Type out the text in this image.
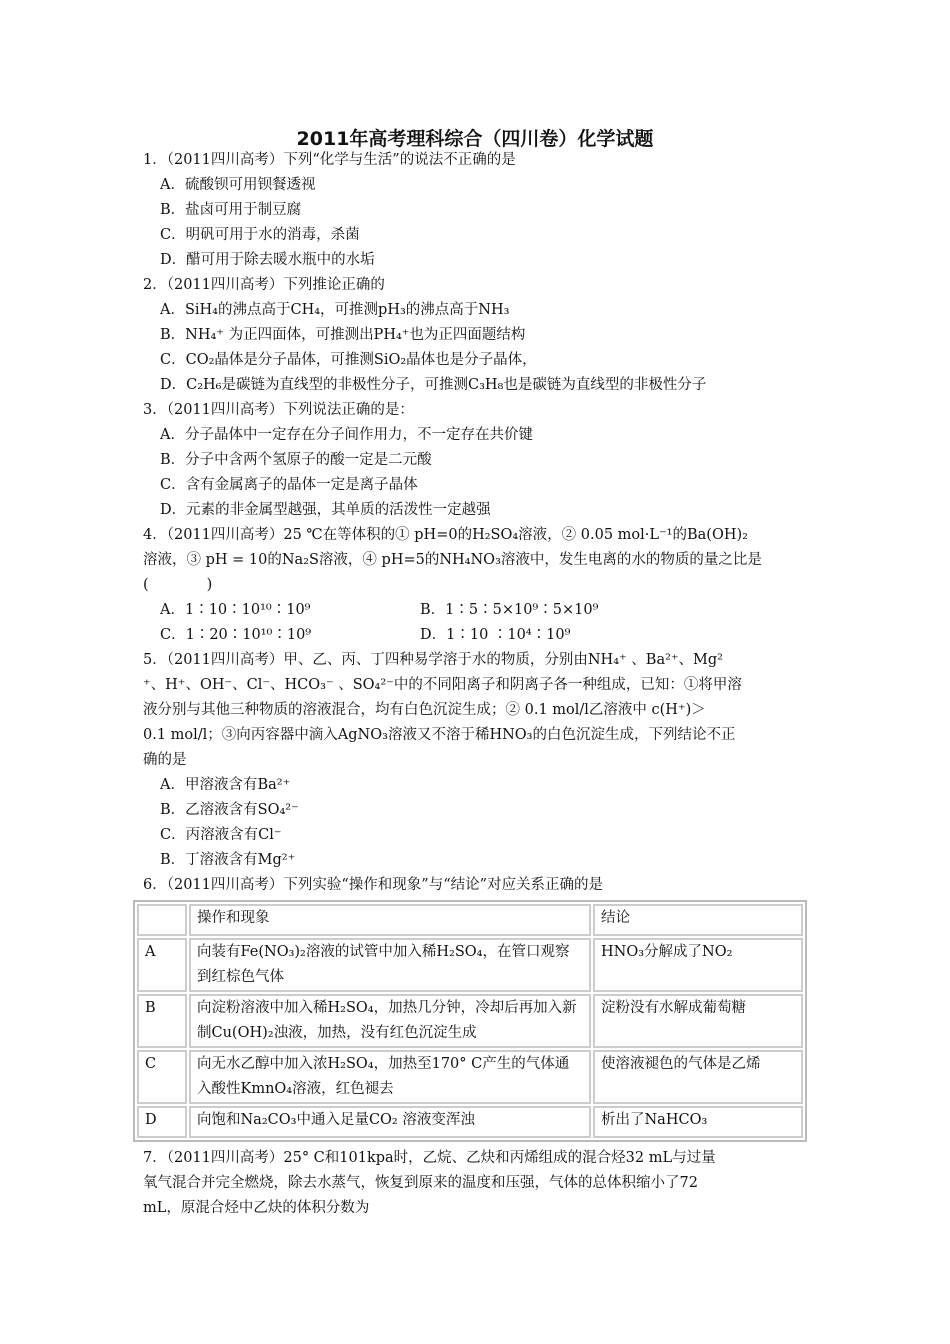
2011年高考理科综合（四川卷）化学试题
1．（2011四川高考）下列“化学与生活”的说法不正确的是
A．硫酸钡可用钡餐透视
B．盐卤可用于制豆腐
C．明矾可用于水的消毒，杀菌
D．醋可用于除去暖水瓶中的水垢
2．（2011四川高考）下列推论正确的
A．SiH₄的沸点高于CH₄，可推测pH₃的沸点高于NH₃
B．NH₄⁺ 为正四面体，可推测出PH₄⁺也为正四面题结构
C．CO₂晶体是分子晶体，可推测SiO₂晶体也是分子晶体，
D．C₂H₆是碳链为直线型的非极性分子，可推测C₃H₈也是碳链为直线型的非极性分子
3．（2011四川高考）下列说法正确的是：
A．分子晶体中一定存在分子间作用力，不一定存在共价键
B．分子中含两个氢原子的酸一定是二元酸
C．含有金属离子的晶体一定是离子晶体
D．元素的非金属型越强，其单质的活泼性一定越强
4．（2011四川高考）25 ℃在等体积的① pH=0的H₂SO₄溶液，② 0.05 mol·L⁻¹的Ba(OH)₂
溶液，③ pH = 10的Na₂S溶液，④ pH=5的NH₄NO₃溶液中，发生电离的水的物质的量之比是
(　　　　)
A．1∶10∶10¹⁰∶10⁹	B．1∶5∶5×10⁹∶5×10⁹
C．1∶20∶10¹⁰∶10⁹	D．1∶10 ∶10⁴∶10⁹
5．（2011四川高考）甲、乙、丙、丁四种易学溶于水的物质，分别由NH₄⁺ 、Ba²⁺、Mg²
⁺、H⁺、OH⁻、Cl⁻、HCO₃⁻ 、SO₄²⁻中的不同阳离子和阴离子各一种组成，已知：①将甲溶
液分别与其他三种物质的溶液混合，均有白色沉淀生成；② 0.1 mol/l乙溶液中 c(H⁺)＞
0.1 mol/l；③向丙容器中滴入AgNO₃溶液又不溶于稀HNO₃的白色沉淀生成，下列结论不正
确的是
A．甲溶液含有Ba²⁺
B．乙溶液含有SO₄²⁻
C．丙溶液含有Cl⁻
B．丁溶液含有Mg²⁺
6．（2011四川高考）下列实验“操作和现象”与“结论”对应关系正确的是
	操作和现象	结论
A	向装有Fe(NO₃)₂溶液的试管中加入稀H₂SO₄，在管口观察到红棕色气体	HNO₃分解成了NO₂
B	向淀粉溶液中加入稀H₂SO₄，加热几分钟，冷却后再加入新制Cu(OH)₂浊液，加热，没有红色沉淀生成	淀粉没有水解成葡萄糖
C	向无水乙醇中加入浓H₂SO₄，加热至170° C产生的气体通入酸性KmnO₄溶液，红色褪去	使溶液褪色的气体是乙烯
D	向饱和Na₂CO₃中通入足量CO₂ 溶液变浑浊	析出了NaHCO₃
7．（2011四川高考）25° C和101kpa时，乙烷、乙炔和丙烯组成的混合烃32 mL与过量
氧气混合并完全燃烧，除去水蒸气，恢复到原来的温度和压强，气体的总体积缩小了72
mL，原混合烃中乙炔的体积分数为
